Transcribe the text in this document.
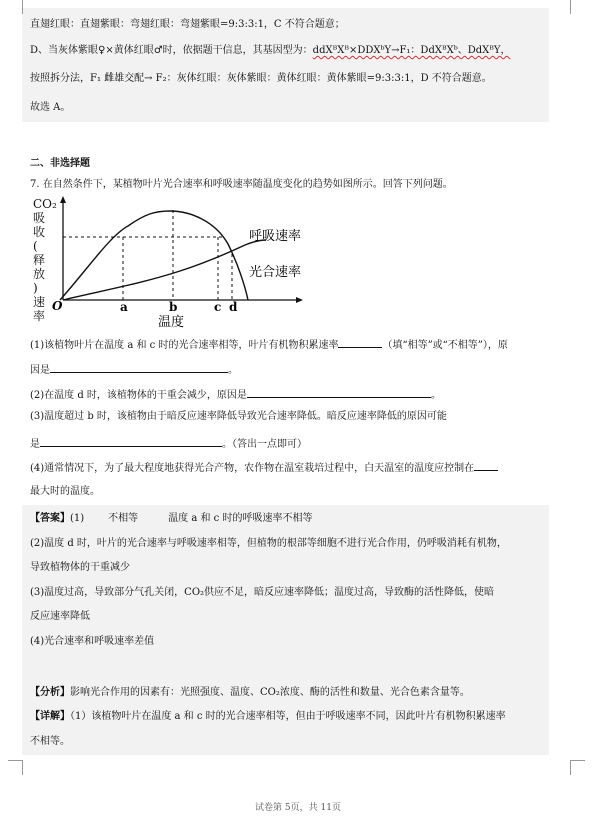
直翅红眼：直翅紫眼：弯翅红眼：弯翅紫眼=9:3:3:1，C 不符合题意；
D、当灰体紫眼♀×黄体红眼♂时，依据题干信息，其基因型为：ddXᴮXᴮ×DDXᵇY→F₁：DdXᴮXᵇ、DdXᴮY，
按照拆分法，F₁ 雌雄交配→ F₂：灰体红眼：灰体紫眼：黄体红眼：黄体紫眼=9:3:3:1，D 不符合题意。
故选 A。
二、非选择题
7. 在自然条件下，某植物叶片光合速率和呼吸速率随温度变化的趋势如图所示。回答下列问题。
CO₂
吸
收
(
释
放
)
速
率
O
呼吸速率
光合速率
a	b	c d
温度
(1)该植物叶片在温度 a 和 c 时的光合速率相等，叶片有机物积累速率	（填“相等”或“不相等”），原
因是	。
(2)在温度 d 时，该植物体的干重会减少，原因是	。
(3)温度超过 b 时，该植物由于暗反应速率降低导致光合速率降低。暗反应速率降低的原因可能
是	。（答出一点即可）
(4)通常情况下，为了最大程度地获得光合产物，农作物在温室栽培过程中，白天温室的温度应控制在
最大时的温度。
【答案】(1) 不相等	温度 a 和 c 时的呼吸速率不相等
(2)温度 d 时，叶片的光合速率与呼吸速率相等，但植物的根部等细胞不进行光合作用，仍呼吸消耗有机物，
导致植物体的干重减少
(3)温度过高，导致部分气孔关闭，CO₂供应不足，暗反应速率降低；温度过高，导致酶的活性降低，使暗
反应速率降低
(4)光合速率和呼吸速率差值
【分析】影响光合作用的因素有：光照强度、温度、CO₂浓度、酶的活性和数量、光合色素含量等。
【详解】（1）该植物叶片在温度 a 和 c 时的光合速率相等，但由于呼吸速率不同，因此叶片有机物积累速率
不相等。
试卷第 5页，共 11页
